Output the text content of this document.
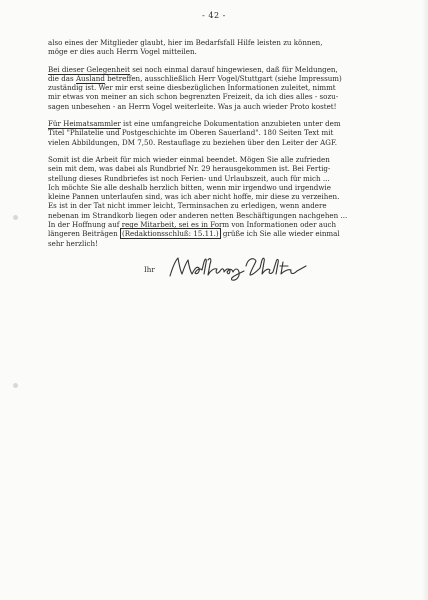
- 42 -

also eines der Mitglieder glaubt, hier im Bedarfsfall Hilfe leisten zu können,
möge er dies auch Herrn Vogel mitteilen.

Bei dieser Gelegenheit sei noch einmal darauf hingewiesen, daß für Meldungen,
die das Ausland betreffen, ausschließlich Herr Vogel/Stuttgart (siehe Impressum)
zuständig ist. Wer mir erst seine diesbezüglichen Informationen zuleitet, nimmt
mir etwas von meiner an sich schon begrenzten Freizeit, da ich dies alles - sozu-
sagen unbesehen - an Herrn Vogel weiterleite. Was ja auch wieder Proto kostet!

Für Heimatsammler ist eine umfangreiche Dokumentation anzubieten unter dem
Titel "Philatelie und Postgeschichte im Oberen Sauerland". 180 Seiten Text mit
vielen Abbildungen, DM 7,50. Restauflage zu beziehen über den Leiter der AGF.

Somit ist die Arbeit für mich wieder einmal beendet. Mögen Sie alle zufrieden
sein mit dem, was dabei als Rundbrief Nr. 29 herausgekommen ist. Bei Fertig-
stellung dieses Rundbriefes ist noch Ferien- und Urlaubszeit, auch für mich ...
Ich möchte Sie alle deshalb herzlich bitten, wenn mir irgendwo und irgendwie
kleine Pannen unterlaufen sind, was ich aber nicht hoffe, mir diese zu verzeihen.
Es ist in der Tat nicht immer leicht, Terminsachen zu erledigen, wenn andere
nebenan im Strandkorb liegen oder anderen netten Beschäftigungen nachgehen ...
In der Hoffnung auf rege Mitarbeit, sei es in Form von Informationen oder auch
längeren Beiträgen (Redaktionsschluß: 15.11.) grüße ich Sie alle wieder einmal
sehr herzlich!

Ihr
